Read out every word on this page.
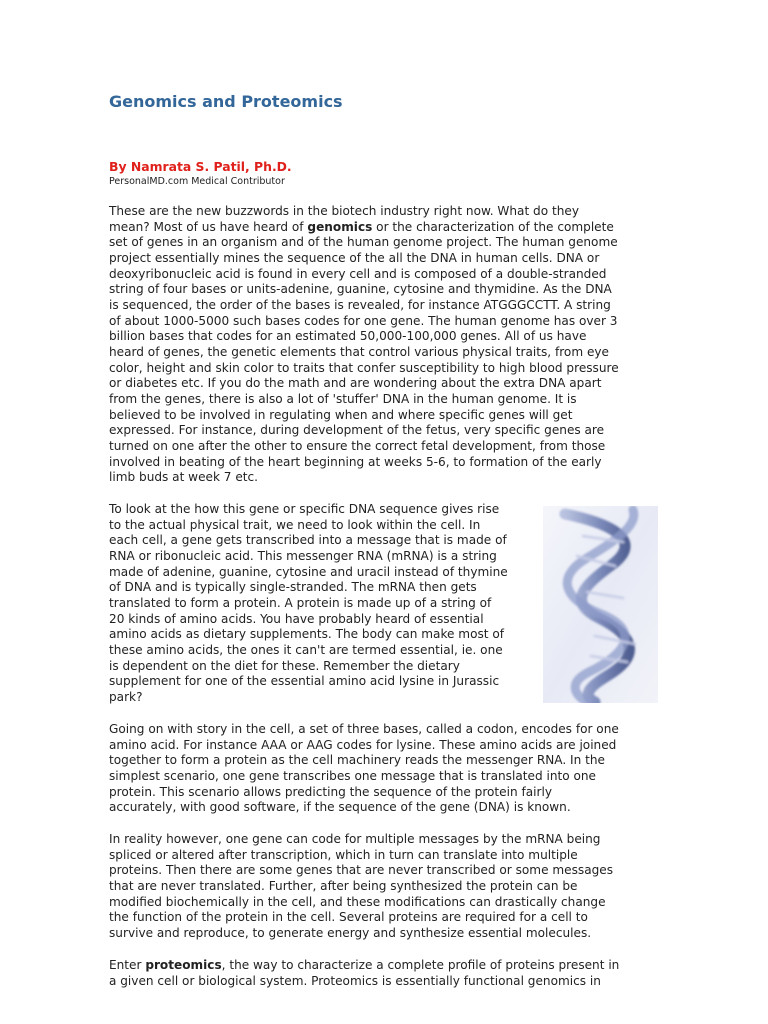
Genomics and Proteomics
By Namrata S. Patil, Ph.D.
PersonalMD.com Medical Contributor

These are the new buzzwords in the biotech industry right now. What do they
mean? Most of us have heard of genomics or the characterization of the complete
set of genes in an organism and of the human genome project. The human genome
project essentially mines the sequence of the all the DNA in human cells. DNA or
deoxyribonucleic acid is found in every cell and is composed of a double-stranded
string of four bases or units-adenine, guanine, cytosine and thymidine. As the DNA
is sequenced, the order of the bases is revealed, for instance ATGGGCCTT. A string
of about 1000-5000 such bases codes for one gene. The human genome has over 3
billion bases that codes for an estimated 50,000-100,000 genes. All of us have
heard of genes, the genetic elements that control various physical traits, from eye
color, height and skin color to traits that confer susceptibility to high blood pressure
or diabetes etc. If you do the math and are wondering about the extra DNA apart
from the genes, there is also a lot of 'stuffer' DNA in the human genome. It is
believed to be involved in regulating when and where specific genes will get
expressed. For instance, during development of the fetus, very specific genes are
turned on one after the other to ensure the correct fetal development, from those
involved in beating of the heart beginning at weeks 5-6, to formation of the early
limb buds at week 7 etc.

To look at the how this gene or specific DNA sequence gives rise
to the actual physical trait, we need to look within the cell. In
each cell, a gene gets transcribed into a message that is made of
RNA or ribonucleic acid. This messenger RNA (mRNA) is a string
made of adenine, guanine, cytosine and uracil instead of thymine
of DNA and is typically single-stranded. The mRNA then gets
translated to form a protein. A protein is made up of a string of
20 kinds of amino acids. You have probably heard of essential
amino acids as dietary supplements. The body can make most of
these amino acids, the ones it can't are termed essential, ie. one
is dependent on the diet for these. Remember the dietary
supplement for one of the essential amino acid lysine in Jurassic
park?

Going on with story in the cell, a set of three bases, called a codon, encodes for one
amino acid. For instance AAA or AAG codes for lysine. These amino acids are joined
together to form a protein as the cell machinery reads the messenger RNA. In the
simplest scenario, one gene transcribes one message that is translated into one
protein. This scenario allows predicting the sequence of the protein fairly
accurately, with good software, if the sequence of the gene (DNA) is known.

In reality however, one gene can code for multiple messages by the mRNA being
spliced or altered after transcription, which in turn can translate into multiple
proteins. Then there are some genes that are never transcribed or some messages
that are never translated. Further, after being synthesized the protein can be
modified biochemically in the cell, and these modifications can drastically change
the function of the protein in the cell. Several proteins are required for a cell to
survive and reproduce, to generate energy and synthesize essential molecules.

Enter proteomics, the way to characterize a complete profile of proteins present in
a given cell or biological system. Proteomics is essentially functional genomics in
